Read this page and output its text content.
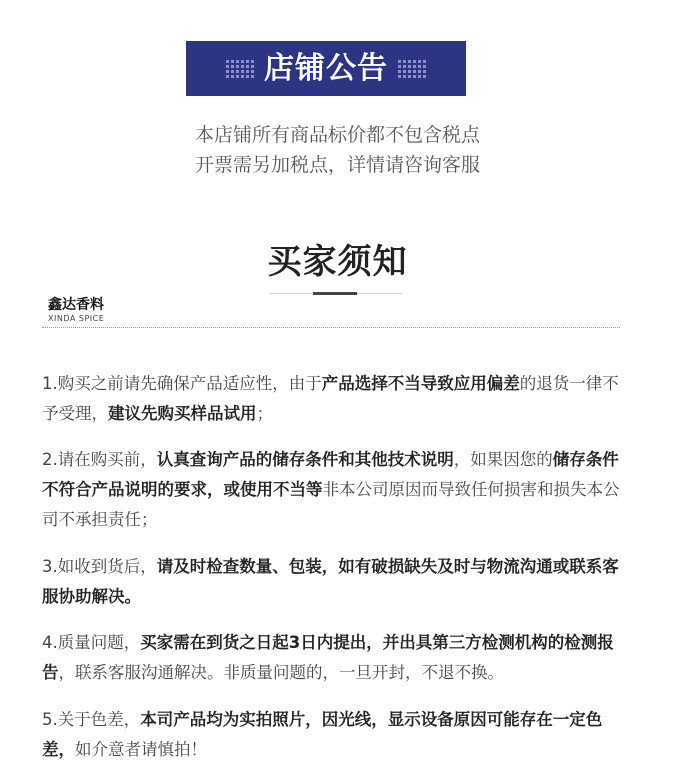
店铺公告
本店铺所有商品标价都不包含税点
开票需另加税点，详情请咨询客服
买家须知
鑫达香料
XINDA SPICE

1.购买之前请先确保产品适应性，由于产品选择不当导致应用偏差的退货一律不予受理，建议先购买样品试用；

2.请在购买前，认真查询产品的储存条件和其他技术说明，如果因您的储存条件不符合产品说明的要求，或使用不当等非本公司原因而导致任何损害和损失本公司不承担责任；

3.如收到货后，请及时检查数量、包装，如有破损缺失及时与物流沟通或联系客服协助解决。

4.质量问题，买家需在到货之日起3日内提出，并出具第三方检测机构的检测报告，联系客服沟通解决。非质量问题的，一旦开封，不退不换。

5.关于色差，本司产品均为实拍照片，因光线，显示设备原因可能存在一定色差，如介意者请慎拍！
